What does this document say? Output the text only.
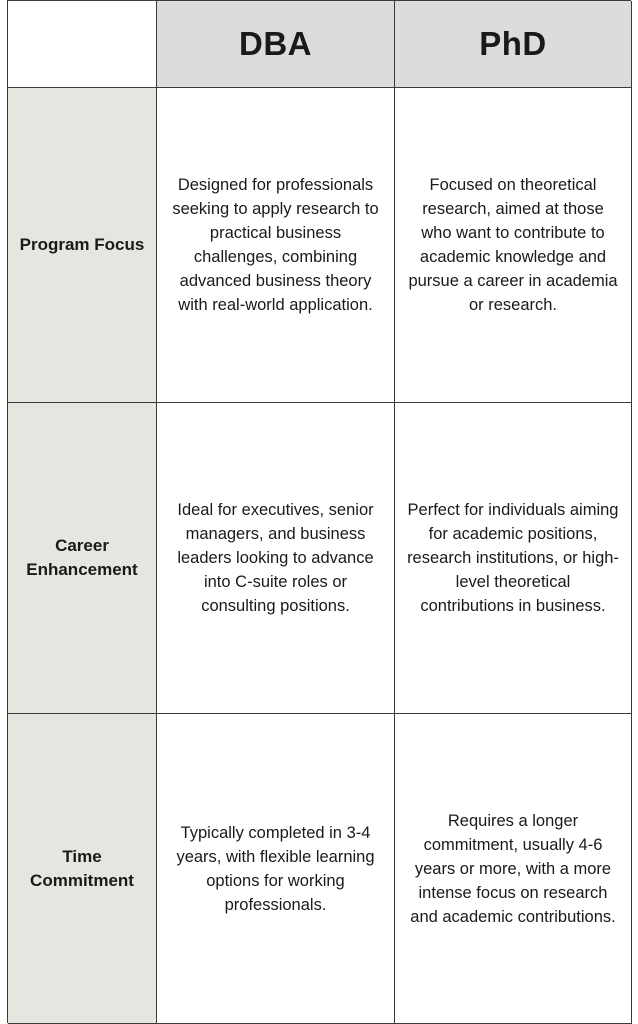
DBA	PhD
Program Focus
Designed for professionals seeking to apply research to practical business challenges, combining advanced business theory with real-world application.
Focused on theoretical research, aimed at those who want to contribute to academic knowledge and pursue a career in academia or research.
Career Enhancement
Ideal for executives, senior managers, and business leaders looking to advance into C-suite roles or consulting positions.
Perfect for individuals aiming for academic positions, research institutions, or high-level theoretical contributions in business.
Time Commitment
Typically completed in 3-4 years, with flexible learning options for working professionals.
Requires a longer commitment, usually 4-6 years or more, with a more intense focus on research and academic contributions.
